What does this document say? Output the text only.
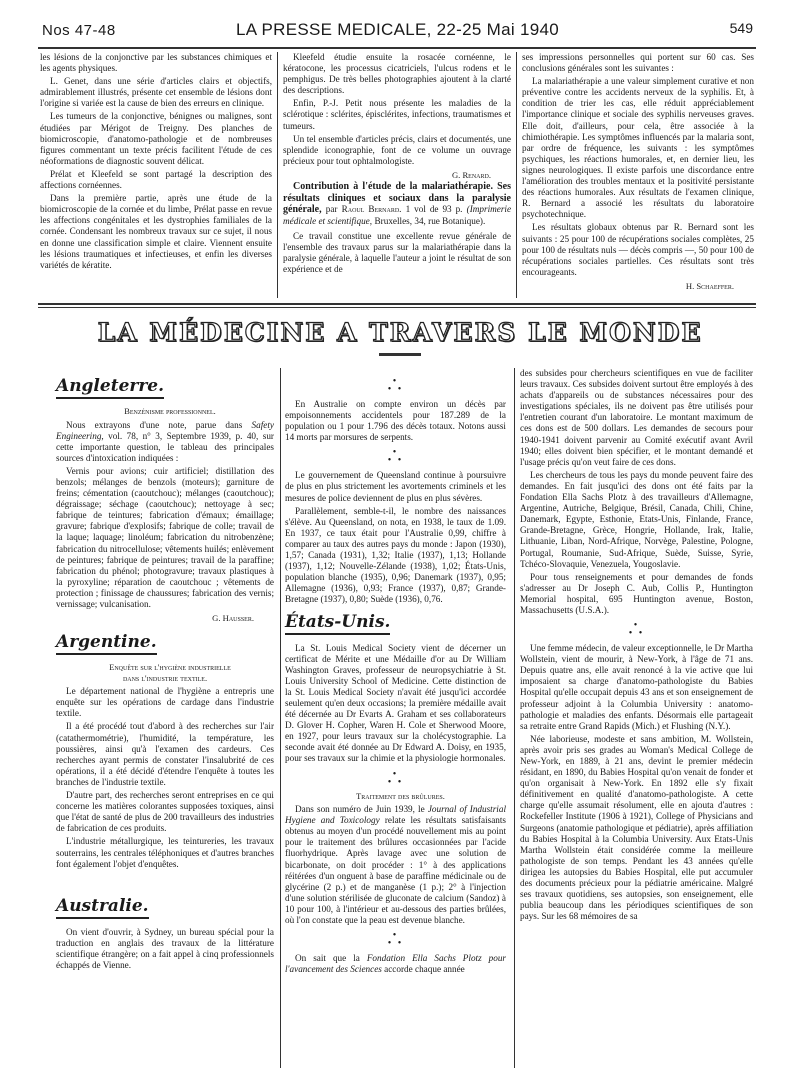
Nos 47-48	LA PRESSE MEDICALE, 22-25 Mai 1940	549

les lésions de la conjonctive par les substances chimiques et les agents physiques.

L. Genet, dans une série d'articles clairs et objectifs, admirablement illustrés, présente cet ensemble de lésions dont l'origine si variée est la cause de bien des erreurs en clinique.

Les tumeurs de la conjonctive, bénignes ou malignes, sont étudiées par Mérigot de Treigny. Des planches de biomicroscopie, d'anatomo-pathologie et de nombreuses figures commentant un texte précis facilitent l'étude de ces néoformations de diagnostic souvent délicat.

Prélat et Kleefeld se sont partagé la description des affections cornéennes.

Dans la première partie, après une étude de la biomicroscopie de la cornée et du limbe, Prélat passe en revue les affections congénitales et les dystrophies familiales de la cornée. Condensant les nombreux travaux sur ce sujet, il nous en donne une classification simple et claire. Viennent ensuite les lésions traumatiques et infectieuses, et enfin les diverses variétés de kératite.

Kleefeld étudie ensuite la rosacée cornéenne, le kératocone, les processus cicatriciels, l'ulcus rodens et le pemphigus. De très belles photographies ajoutent à la clarté des descriptions.

Enfin, P.-J. Petit nous présente les maladies de la sclérotique : sclérites, épisclérites, infections, traumatismes et tumeurs.

Un tel ensemble d'articles précis, clairs et documentés, une splendide iconographie, font de ce volume un ouvrage précieux pour tout ophtalmologiste.

G. Renard.

Contribution à l'étude de la malariathérapie. Ses résultats cliniques et sociaux dans la paralysie générale, par Raoul Bernard. 1 vol de 93 p. (Imprimerie médicale et scientifique, Bruxelles, 34, rue Botanique).

Ce travail constitue une excellente revue générale de l'ensemble des travaux parus sur la malariathérapie dans la paralysie générale, à laquelle l'auteur a joint le résultat de son expérience et de

ses impressions personnelles qui portent sur 60 cas. Ses conclusions générales sont les suivantes :

La malariathérapie a une valeur simplement curative et non préventive contre les accidents nerveux de la syphilis. Et, à condition de trier les cas, elle réduit appréciablement l'importance clinique et sociale des syphilis nerveuses graves. Elle doit, d'ailleurs, pour cela, être associée à la chimiothérapie. Les symptômes influencés par la malaria sont, par ordre de fréquence, les suivants : les symptômes psychiques, les réactions humorales, et, en dernier lieu, les signes neurologiques. Il existe parfois une discordance entre l'amélioration des troubles mentaux et la positivité persistante des réactions humorales. Aux résultats de l'examen clinique, R. Bernard a associé les résultats du laboratoire psychotechnique.

Les résultats globaux obtenus par R. Bernard sont les suivants : 25 pour 100 de récupérations sociales complètes, 25 pour 100 de résultats nuls — décès compris —, 50 pour 100 de récupérations sociales partielles. Ces résultats sont très encourageants.

H. Schaeffer.
LA MÉDECINE A TRAVERS LE MONDE
Angleterre.

Benzénisme professionnel.

Nous extrayons d'une note, parue dans Safety Engineering, vol. 78, n° 3, Septembre 1939, p. 40, sur cette importante question, le tableau des principales sources d'intoxication indiquées :

Vernis pour avions; cuir artificiel; distillation des benzols; mélanges de benzols (moteurs); garniture de freins; cémentation (caoutchouc); mélanges (caoutchouc); dégraissage; séchage (caoutchouc); nettoyage à sec; fabrique de teintures; fabrication d'émaux; émaillage; gravure; fabrique d'explosifs; fabrique de colle; travail de la laque; laquage; linoléum; fabrication du nitrobenzène; fabrication du nitrocellulose; vêtements huilés; enlèvement de peintures; fabrique de peintures; travail de la paraffine; fabrication du phénol; photogravure; travaux plastiques à la pyroxyline; réparation de caoutchouc ; vêtements de protection ; finissage de chaussures; fabrication des vernis; vernissage; vulcanisation.

G. Hausser.
Argentine.

Enquête sur l'hygiène industrielle
dans l'industrie textile.

Le département national de l'hygiène a entrepris une enquête sur les opérations de cardage dans l'industrie textile.

Il a été procédé tout d'abord à des recherches sur l'air (catathermométrie), l'humidité, la température, les poussières, ainsi qu'à l'examen des cardeurs. Ces recherches ayant permis de constater l'insalubrité de ces opérations, il a été décidé d'étendre l'enquête à toutes les branches de l'industrie textile.

D'autre part, des recherches seront entreprises en ce qui concerne les matières colorantes supposées toxiques, ainsi que l'état de santé de plus de 200 travailleurs des industries de fabrication de ces produits.

L'industrie métallurgique, les teintureries, les travaux souterrains, les centrales téléphoniques et d'autres branches font également l'objet d'enquêtes.

Australie.

On vient d'ouvrir, à Sydney, un bureau spécial pour la traduction en anglais des travaux de la littérature scientifique étrangère; on a fait appel à cinq professionnels échappés de Vienne.

•
• •

En Australie on compte environ un décès par empoisonnements accidentels pour 187.289 de la population ou 1 pour 1.796 des décès totaux. Notons aussi 14 morts par morsures de serpents.

•
• •

Le gouvernement de Queensland continue à poursuivre de plus en plus strictement les avortements criminels et les mesures de police deviennent de plus en plus sévères.

Parallèlement, semble-t-il, le nombre des naissances s'élève. Au Queensland, on nota, en 1938, le taux de 1.09. En 1937, ce taux était pour l'Australie 0,99, chiffre à comparer au taux des autres pays du monde : Japon (1930), 1,57; Canada (1931), 1,32; Italie (1937), 1,13; Hollande (1937), 1,12; Nouvelle-Zélande (1938), 1,02; États-Unis, population blanche (1935), 0,96; Danemark (1937), 0,95; Allemagne (1936), 0,93; France (1937), 0,87; Grande-Bretagne (1937), 0,80; Suède (1936), 0,76.

États-Unis.

La St. Louis Medical Society vient de décerner un certificat de Mérite et une Médaille d'or au Dr William Washington Graves, professeur de neuropsychiatrie à St. Louis University School of Medicine. Cette distinction de la St. Louis Medical Society n'avait été jusqu'ici accordée seulement qu'en deux occasions; la première médaille avait été décernée au Dr Evarts A. Graham et ses collaborateurs D. Glover H. Copher, Waren H. Cole et Sherwood Moore, en 1927, pour leurs travaux sur la cholécystographie. La seconde avait été donnée au Dr Edward A. Doisy, en 1935, pour ses travaux sur la chimie et la physiologie hormonales.

•
• •

Traitement des brûlures.

Dans son numéro de Juin 1939, le Journal of Industrial Hygiene and Toxicology relate les résultats satisfaisants obtenus au moyen d'un procédé nouvellement mis au point pour le traitement des brûlures occasionnées par l'acide fluorhydrique. Après lavage avec une solution de bicarbonate, on doit procéder : 1° à des applications réitérées d'un onguent à base de paraffine médicinale ou de glycérine (2 p.) et de manganèse (1 p.); 2° à l'injection d'une solution stérilisée de gluconate de calcium (Sandoz) à 10 pour 100, à l'intérieur et au-dessous des parties brûlées, où l'on constate que la peau est devenue blanche.

•
• •

On sait que la Fondation Ella Sachs Plotz pour l'avancement des Sciences accorde chaque année

des subsides pour chercheurs scientifiques en vue de faciliter leurs travaux. Ces subsides doivent surtout être employés à des achats d'appareils ou de substances nécessaires pour des investigations spéciales, ils ne doivent pas être utilisés pour l'entretien courant d'un laboratoire. Le montant maximum de ces dons est de 500 dollars. Les demandes de secours pour 1940-1941 doivent parvenir au Comité exécutif avant Avril 1940; elles doivent bien spécifier, et le montant demandé et l'usage précis qu'on veut faire de ces dons.

Les chercheurs de tous les pays du monde peuvent faire des demandes. En fait jusqu'ici des dons ont été faits par la Fondation Ella Sachs Plotz à des travailleurs d'Allemagne, Argentine, Autriche, Belgique, Brésil, Canada, Chili, Chine, Danemark, Egypte, Esthonie, Etats-Unis, Finlande, France, Grande-Bretagne, Grèce, Hongrie, Hollande, Irak, Italie, Lithuanie, Liban, Nord-Afrique, Norvège, Palestine, Pologne, Portugal, Roumanie, Sud-Afrique, Suède, Suisse, Syrie, Tchéco-Slovaquie, Venezuela, Yougoslavie.

Pour tous renseignements et pour demandes de fonds s'adresser au Dr Joseph C. Aub, Collis P., Huntington Memorial hospital, 695 Huntington avenue, Boston, Massachusetts (U.S.A.).

•
• •

Une femme médecin, de valeur exceptionnelle, le Dr Martha Wollstein, vient de mourir, à New-York, à l'âge de 71 ans. Depuis quatre ans, elle avait renoncé à la vie active que lui imposaient sa charge d'anatomo-pathologiste du Babies Hospital qu'elle occupait depuis 43 ans et son enseignement de professeur adjoint à la Columbia University : anatomo-pathologie et maladies des enfants. Désormais elle partageait sa retraite entre Grand Rapids (Mich.) et Flushing (N.Y.).

Née laborieuse, modeste et sans ambition, M. Wollstein, après avoir pris ses grades au Woman's Medical College de New-York, en 1889, à 21 ans, devint le premier médecin résidant, en 1890, du Babies Hospital qu'on venait de fonder et qu'on organisait à New-York. En 1892 elle s'y fixait définitivement en qualité d'anatomo-pathologiste. A cette charge qu'elle assumait résolument, elle en ajouta d'autres : Rockefeller Institute (1906 à 1921), College of Physicians and Surgeons (anatomie pathologique et pédiatrie), après affiliation du Babies Hospital à la Columbia University. Aux Etats-Unis Martha Wollstein était considérée comme la meilleure pathologiste de son temps. Pendant les 43 années qu'elle dirigea les autopsies du Babies Hospital, elle put accumuler des documents précieux pour la pédiatrie américaine. Malgré ses travaux quotidiens, ses autopsies, son enseignement, elle publia beaucoup dans les périodiques scientifiques de son pays. Sur les 68 mémoires de sa
